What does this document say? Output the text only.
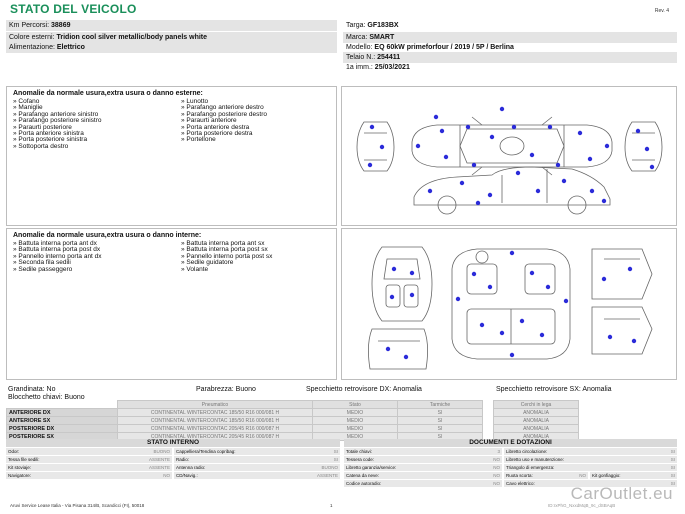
STATO DEL VEICOLO	Rev. 4
Km Percorsi: 38869
Colore esterni: Tridion cool silver metallic/body panels white
Alimentazione: Elettrico
Targa: GF183BX
Marca: SMART
Modello: EQ 60kW primeforfour / 2019 / 5P / Berlina
Telaio N.: 254411
1a imm.: 25/03/2021
Anomalie da normale usura,extra usura o danno esterne:
» Cofano
» Maniglie
» Parafango anteriore sinistro
» Parafango posteriore sinistro
» Paraurti posteriore
» Porta anteriore sinistra
» Porta posteriore sinistra
» Sottoporta destro
» Lunotto
» Parafango anteriore destro
» Parafango posteriore destro
» Paraurti anteriore
» Porta anteriore destra
» Porta posteriore destra
» Portellone
Anomalie da normale usura,extra usura o danno interne:
» Battuta interna porta ant dx
» Battuta interna porta post dx
» Pannello interno porta ant dx
» Seconda fila sedili
» Sedile passeggero
» Battuta interna porta ant sx
» Battuta interna porta post sx
» Pannello interno porta post sx
» Sedile guidatore
» Volante
Grandinata: No	Parabrezza: Buono	Specchietto retrovisore DX: Anomalia	Specchietto retrovisore SX: Anomalia
Blocchetto chiavi: Buono
	Pneumatico	Stato	Tarmiche		Cerchi in lega
ANTERIORE DX	CONTINENTAL WINTERCONTAC 185/50 R16 000/081 H	MEDIO	SI		ANOMALIA
ANTERIORE SX	CONTINENTAL WINTERCONTAC 185/50 R16 000/081 H	MEDIO	SI		ANOMALIA
POSTERIORE DX	CONTINENTAL WINTERCONTAC 205/45 R16 000/087 H	MEDIO	SI		ANOMALIA
POSTERIORE SX	CONTINENTAL WINTERCONTAC 205/45 R16 000/087 H	MEDIO	SI		ANOMALIA
STATO INTERNO
Odor:	BUONO	Cappelliera/Tendina copribag:	SI
Tessa file sedili:	ASSENTE	Radio:	SI
Kit stoviaje:	ASSENTE	Antenna radio:	BUONO
Navigatore:	NO	CD/Navig.:	ASSENTE
DOCUMENTI E DOTAZIONI
Totale chiavi:	3	Libretto circolazione:	SI
Tessera code:	NO	Libretto uso e manutenzione:	SI
Libretto garanzia/service:	NO	Triangolo di emergenza:	SI
Catena da neve:	NO	Ruota scorta:	NO	Kit gonfiaggio:	SI
Codice autoradio:	NO	Cavo elettrico:	SI
CarOutlet.eu
Aruvi Service Lease Italia - Via Pisana 314/B, Scandicci (FI), 50018	1	ID:rxPhG_NxxdMqB_9c_dSBAqB
